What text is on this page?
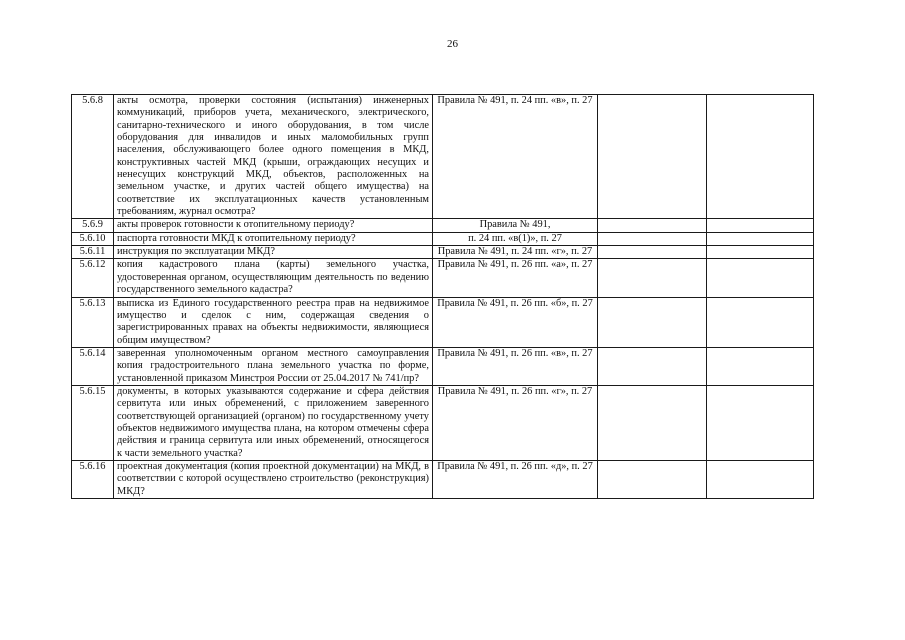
26
5.6.8	акты осмотра, проверки состояния (испытания) инженерных коммуникаций, приборов учета, механического, электрического, санитарно-технического и иного оборудования, в том числе оборудования для инвалидов и иных маломобильных групп населения, обслуживающего более одного помещения в МКД, конструктивных частей МКД (крыши, ограждающих несущих и ненесущих конструкций МКД, объектов, расположенных на земельном участке, и других частей общего имущества) на соответствие их эксплуатационных качеств установленным требованиям, журнал осмотра?	Правила № 491, п. 24 пп. «в», п. 27		
5.6.9	акты проверок готовности к отопительному периоду?	Правила № 491,		
5.6.10	паспорта готовности МКД к отопительному периоду?	п. 24 пп. «в(1)», п. 27		
5.6.11	инструкция по эксплуатации МКД?	Правила № 491, п. 24 пп. «г», п. 27		
5.6.12	копия кадастрового плана (карты) земельного участка, удостоверенная органом, осуществляющим деятельность по ведению государственного земельного кадастра?	Правила № 491, п. 26 пп. «а», п. 27		
5.6.13	выписка из Единого государственного реестра прав на недвижимое имущество и сделок с ним, содержащая сведения о зарегистрированных правах на объекты недвижимости, являющиеся общим имуществом?	Правила № 491, п. 26 пп. «б», п. 27		
5.6.14	заверенная уполномоченным органом местного самоуправления копия градостроительного плана земельного участка по форме, установленной приказом Минстроя России от 25.04.2017 № 741/пр?	Правила № 491, п. 26 пп. «в», п. 27		
5.6.15	документы, в которых указываются содержание и сфера действия сервитута или иных обременений, с приложением заверенного соответствующей организацией (органом) по государственному учету объектов недвижимого имущества плана, на котором отмечены сфера действия и граница сервитута или иных обременений, относящегося к части земельного участка?	Правила № 491, п. 26 пп. «г», п. 27		
5.6.16	проектная документация (копия проектной документации) на МКД, в соответствии с которой осуществлено строительство (реконструкция) МКД?	Правила № 491, п. 26 пп. «д», п. 27		
